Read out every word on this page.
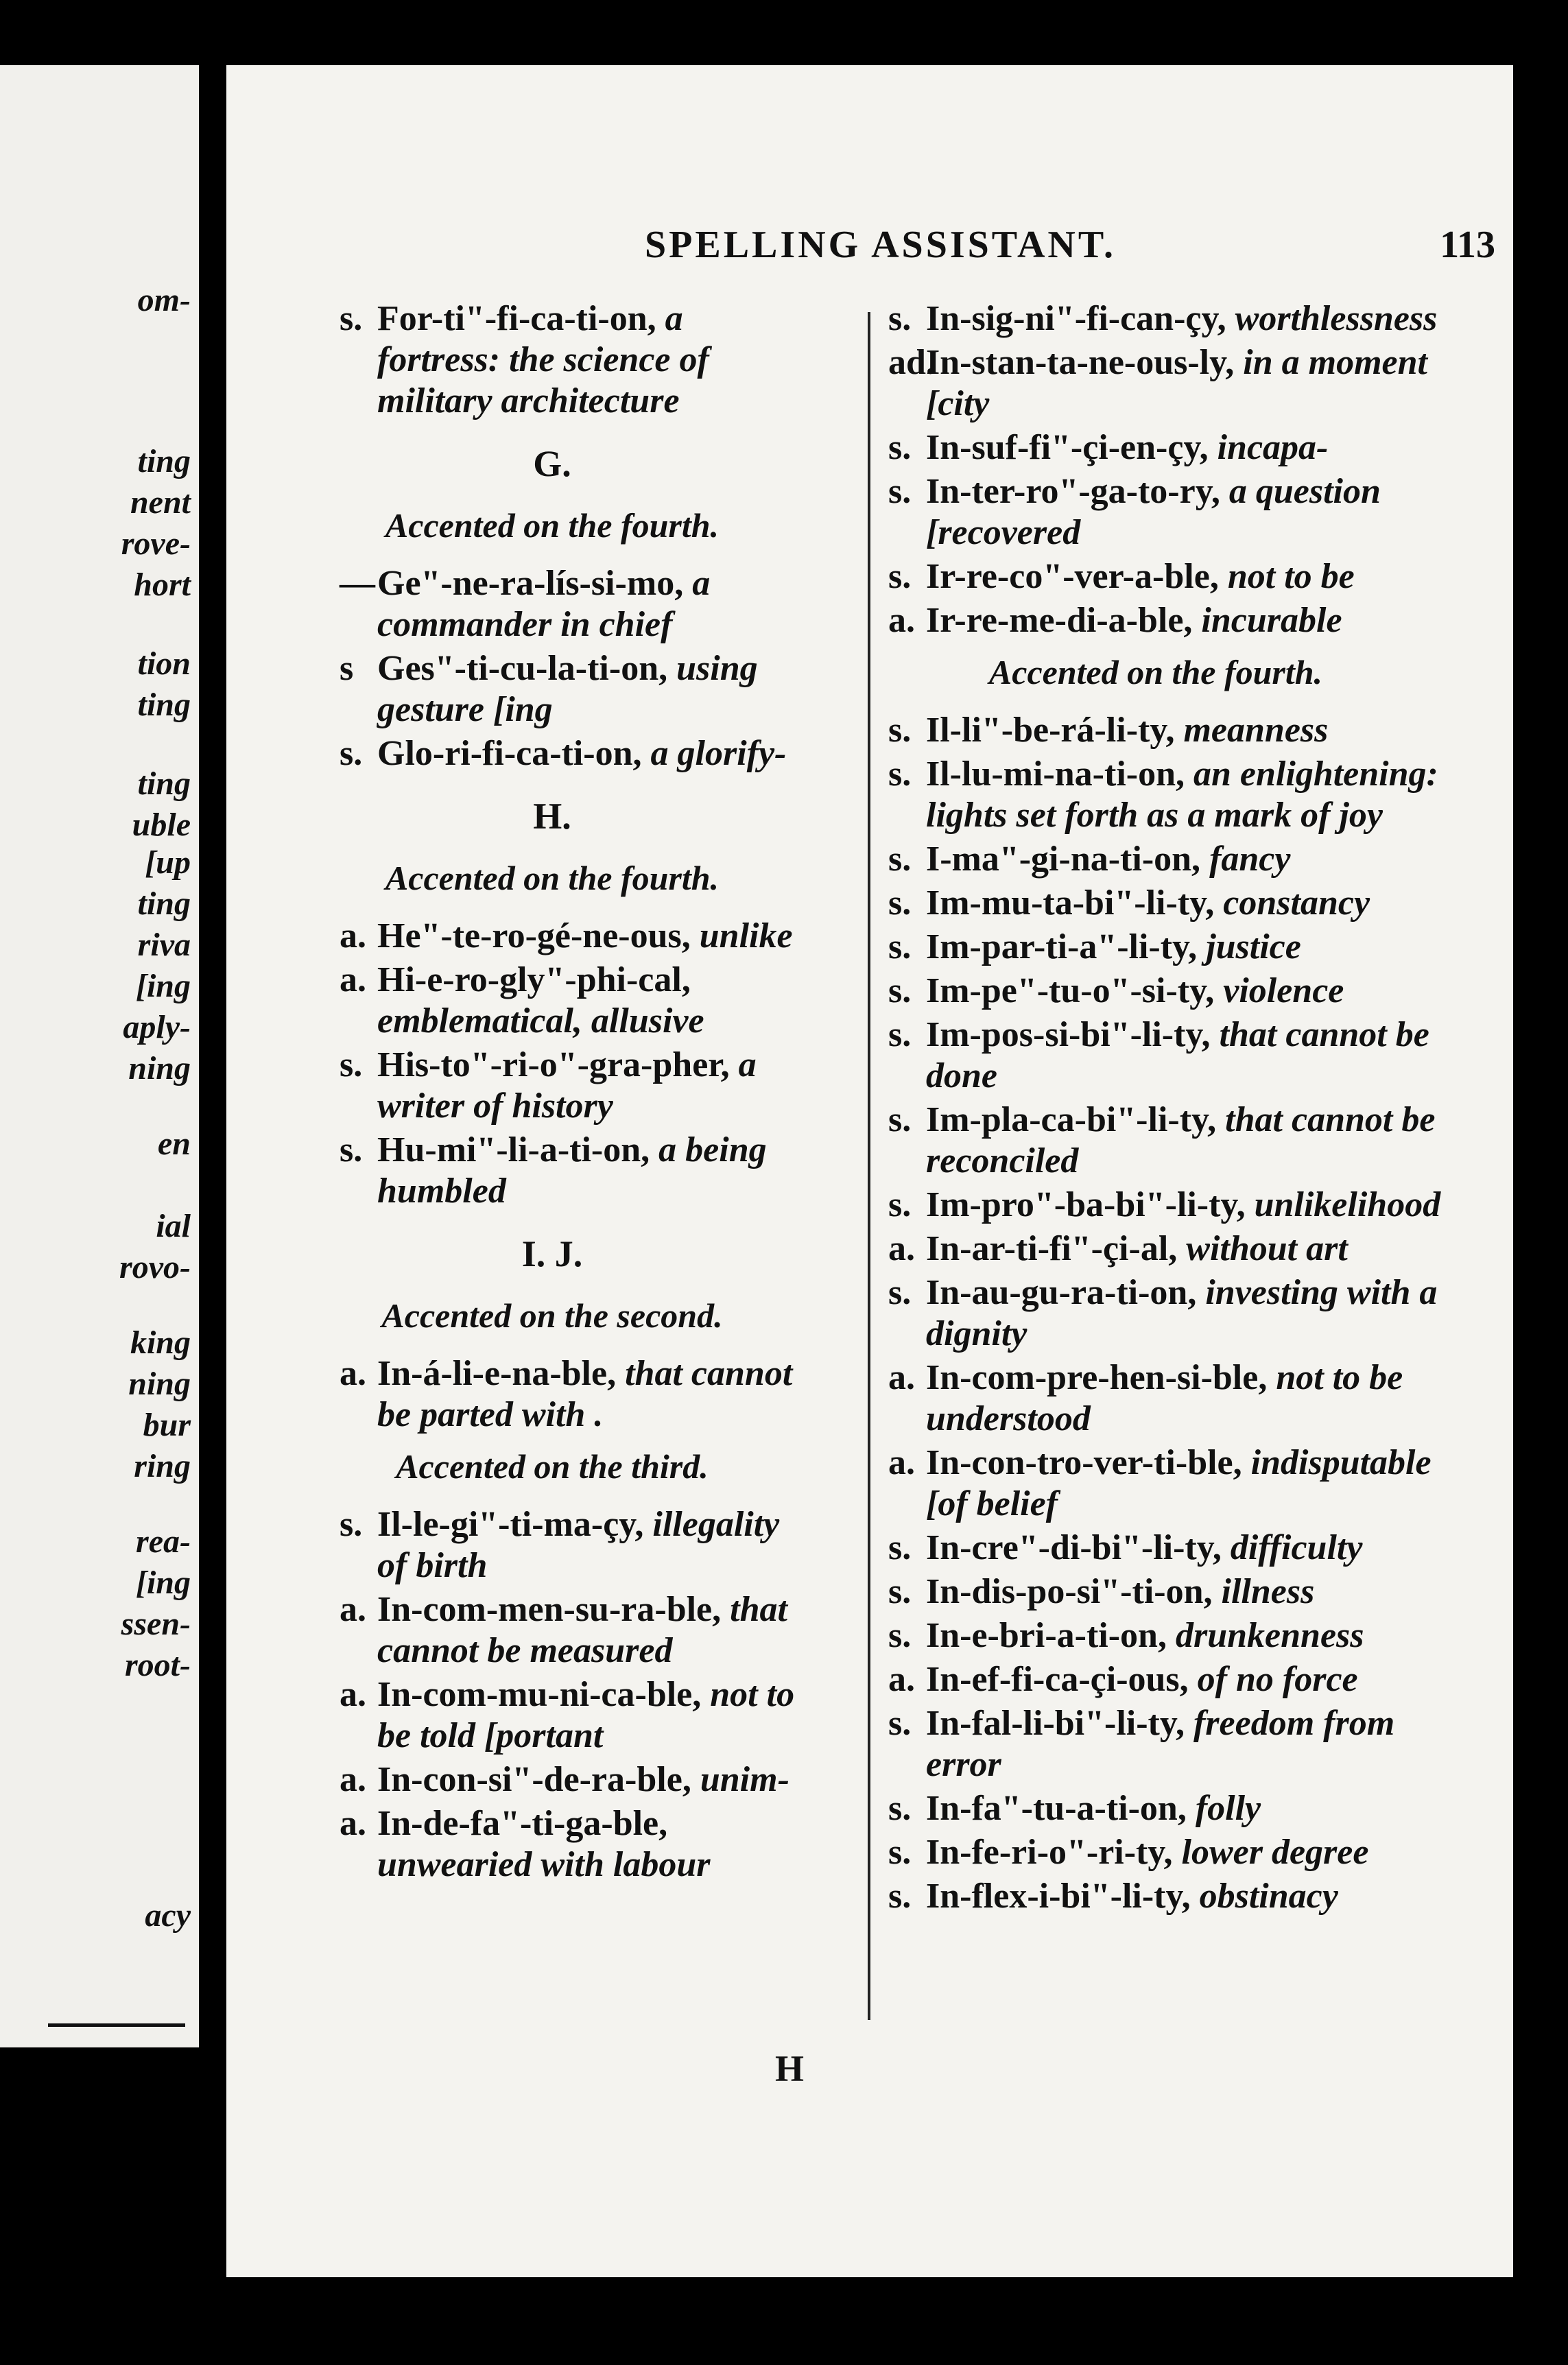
om-
ting
nent
rove-
hort
tion
ting
ting
uble
[up
ting
riva
[ing
aply-
ning
en
ial
rovo-
king
ning
bur
ring
rea-
[ing
ssen-
root-
acy
SPELLING ASSISTANT.	113
s. For-ti"-fi-ca-ti-on, a fortress: the science of military architecture
G.
Accented on the fourth.
— Ge"-ne-ra-lís-si-mo, a commander in chief
s Ges"-ti-cu-la-ti-on, using gesture [ing
s. Glo-ri-fi-ca-ti-on, a glorify-
H.
Accented on the fourth.
a. He"-te-ro-gé-ne-ous, unlike
a. Hi-e-ro-gly"-phi-cal, emblematical, allusive
s. His-to"-ri-o"-gra-pher, a writer of history
s. Hu-mi"-li-a-ti-on, a being humbled
I. J.
Accented on the second.
a. In-á-li-e-na-ble, that cannot be parted with .
Accented on the third.
s. Il-le-gi"-ti-ma-çy, illegality of birth
a. In-com-men-su-ra-ble, that cannot be measured
a. In-com-mu-ni-ca-ble, not to be told [portant
a. In-con-si"-de-ra-ble, unim-
a. In-de-fa"-ti-ga-ble, unwearied with labour
s. In-sig-ni"-fi-can-çy, worthlessness
ad.
In-stan-ta-ne-ous-ly, in a moment [city
s. In-suf-fi"-çi-en-çy, incapa-
s. In-ter-ro"-ga-to-ry, a question [recovered
s. Ir-re-co"-ver-a-ble, not to be
a. Ir-re-me-di-a-ble, incurable
Accented on the fourth.
s. Il-li"-be-rá-li-ty, meanness
s. Il-lu-mi-na-ti-on, an enlightening: lights set forth as a mark of joy
s. I-ma"-gi-na-ti-on, fancy
s. Im-mu-ta-bi"-li-ty, constancy
s. Im-par-ti-a"-li-ty, justice
s. Im-pe"-tu-o"-si-ty, violence
s. Im-pos-si-bi"-li-ty, that cannot be done
s. Im-pla-ca-bi"-li-ty, that cannot be reconciled
s. Im-pro"-ba-bi"-li-ty, unlikelihood
a. In-ar-ti-fi"-çi-al, without art
s. In-au-gu-ra-ti-on, investing with a dignity
a. In-com-pre-hen-si-ble, not to be understood
a. In-con-tro-ver-ti-ble, indisputable [of belief
s. In-cre"-di-bi"-li-ty, difficulty
s. In-dis-po-si"-ti-on, illness
s. In-e-bri-a-ti-on, drunkenness
a. In-ef-fi-ca-çi-ous, of no force
s. In-fal-li-bi"-li-ty, freedom from error
s. In-fa"-tu-a-ti-on, folly
s. In-fe-ri-o"-ri-ty, lower degree
s. In-flex-i-bi"-li-ty, obstinacy
H
